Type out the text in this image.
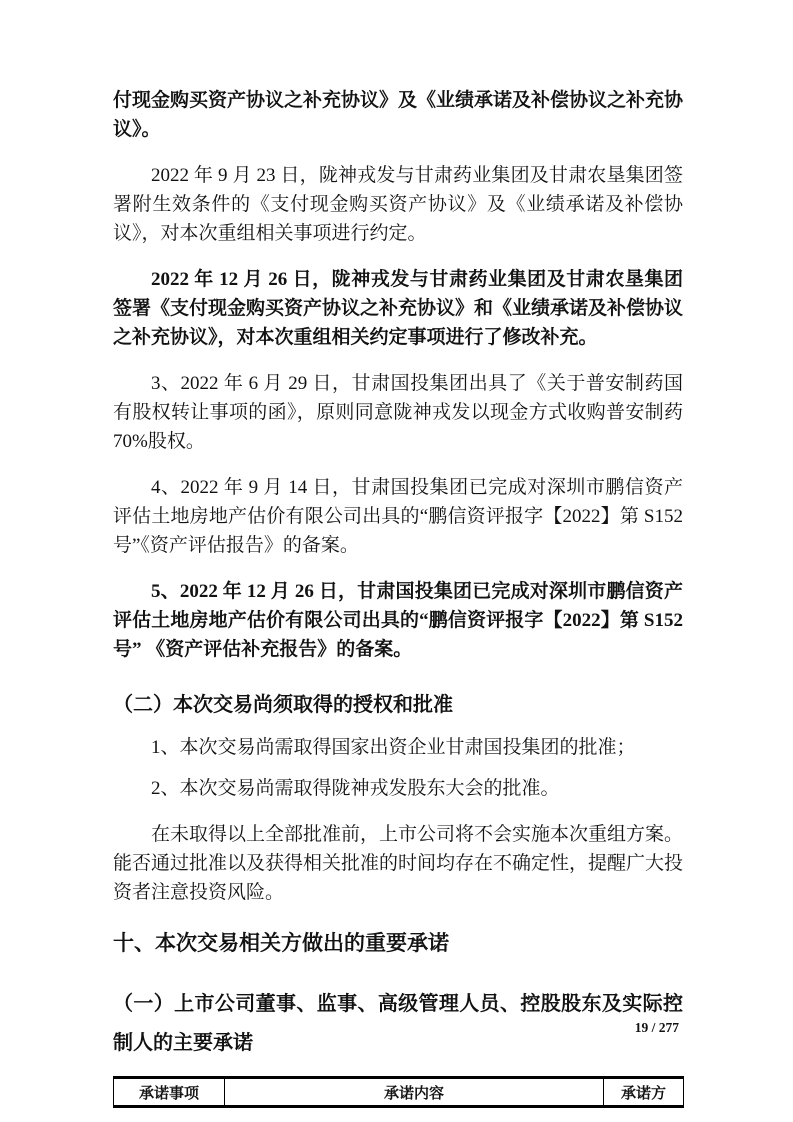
付现金购买资产协议之补充协议》及《业绩承诺及补偿协议之补充协议》。

2022 年 9 月 23 日，陇神戎发与甘肃药业集团及甘肃农垦集团签署附生效条件的《支付现金购买资产协议》及《业绩承诺及补偿协议》，对本次重组相关事项进行约定。

2022 年 12 月 26 日，陇神戎发与甘肃药业集团及甘肃农垦集团签署《支付现金购买资产协议之补充协议》和《业绩承诺及补偿协议之补充协议》，对本次重组相关约定事项进行了修改补充。

3、2022 年 6 月 29 日，甘肃国投集团出具了《关于普安制药国有股权转让事项的函》，原则同意陇神戎发以现金方式收购普安制药 70%股权。

4、2022 年 9 月 14 日，甘肃国投集团已完成对深圳市鹏信资产评估土地房地产估价有限公司出具的“鹏信资评报字【2022】第 S152 号”《资产评估报告》的备案。

5、2022 年 12 月 26 日，甘肃国投集团已完成对深圳市鹏信资产评估土地房地产估价有限公司出具的“鹏信资评报字【2022】第 S152 号” 《资产评估补充报告》的备案。

（二）本次交易尚须取得的授权和批准

1、本次交易尚需取得国家出资企业甘肃国投集团的批准；

2、本次交易尚需取得陇神戎发股东大会的批准。

在未取得以上全部批准前，上市公司将不会实施本次重组方案。能否通过批准以及获得相关批准的时间均存在不确定性，提醒广大投资者注意投资风险。

十、本次交易相关方做出的重要承诺
（一）上市公司董事、监事、高级管理人员、控股股东及实际控制人的主要承诺
承诺事项	承诺内容	承诺方
19 / 277
